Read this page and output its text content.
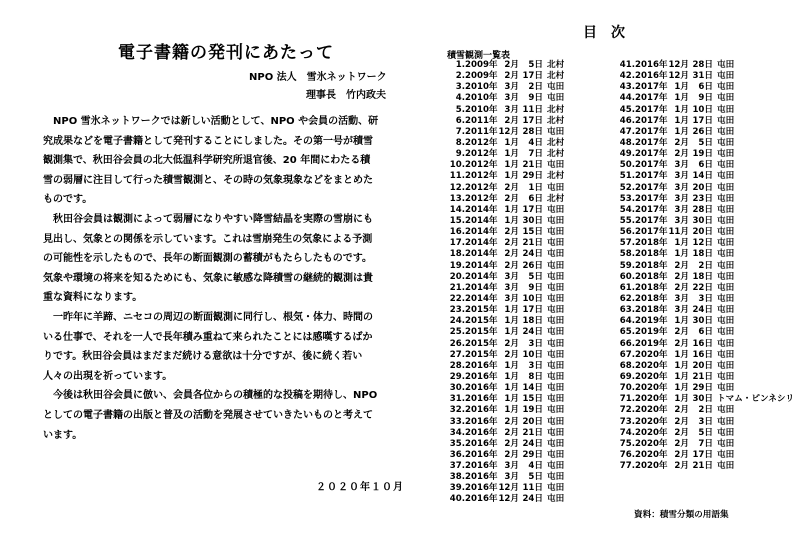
電子書籍の発刊にあたって
NPO 法人　雪氷ネットワーク
理事長　竹内政夫

　NPO 雪氷ネットワークでは新しい活動として、NPO や会員の活動、研究成果などを電子書籍として発刊することにしました。その第一号が積雪観測集で、秋田谷会員の北大低温科学研究所退官後、20 年間にわたる積雪の弱層に注目して行った積雪観測と、その時の気象現象などをまとめたものです。

　秋田谷会員は観測によって弱層になりやすい降雪結晶を実際の雪崩にも見出し、気象との関係を示しています。これは雪崩発生の気象による予測の可能性を示したもので、長年の断面観測の蓄積がもたらしたものです。気象や環境の将来を知るためにも、気象に敏感な降積雪の継続的観測は貴重な資料になります。

　一昨年に羊蹄、ニセコの周辺の断面観測に同行し、根気・体力、時間のいる仕事で、それを一人で長年積み重ねて来られたことには感嘆するばかりです。秋田谷会員はまだまだ続ける意欲は十分ですが、後に続く若い人々の出現を祈っています。

　今後は秋田谷会員に倣い、会員各位からの積極的な投稿を期待し、NPO としての電子書籍の出版と普及の活動を発展させていきたいものと考えています。

２０２０年１０月
目次
積雪観測一覧表
1. 2009年 2月	5日 北村
2. 2009年 2月 17日 北村
3. 2010年 3月	2日 屯田
4. 2010年 3月	9日 屯田
5. 2010年 3月 11日 北村
6. 2011年 2月 17日 北村
7. 2011年 12月 28日 屯田
8. 2012年 1月	4日 北村
9. 2012年 1月	7日 北村
10. 2012年 1月 21日 屯田
11. 2012年 1月 29日 北村
12. 2012年 2月	1日 屯田
13. 2012年 2月	6日 北村
14. 2014年 1月 17日 屯田
15. 2014年 1月 30日 屯田
16. 2014年 2月 15日 屯田
17. 2014年 2月 21日 屯田
18. 2014年 2月 24日 屯田
19. 2014年 2月 26日 屯田
20. 2014年 3月	5日 屯田
21. 2014年 3月	9日 屯田
22. 2014年 3月 10日 屯田
23. 2015年 1月 17日 屯田
24. 2015年 1月 18日 屯田
25. 2015年 1月 24日 屯田
26. 2015年 2月	3日 屯田
27. 2015年 2月 10日 屯田
28. 2016年 1月	3日 屯田
29. 2016年 1月	8日 屯田
30. 2016年 1月 14日 屯田
31. 2016年 1月 15日 屯田
32. 2016年 1月 19日 屯田
33. 2016年 2月 20日 屯田
34. 2016年 2月 21日 屯田
35. 2016年 2月 24日 屯田
36. 2016年 2月 29日 屯田
37. 2016年 3月	4日 屯田
38. 2016年 3月	5日 屯田
39. 2016年 12月 11日 屯田
40. 2016年 12月 24日 屯田
41. 2016年 12月 28日 屯田
42. 2016年 12月 31日 屯田
43. 2017年 1月	6日 屯田
44. 2017年 1月	9日 屯田
45. 2017年 1月 10日 屯田
46. 2017年 1月 17日 屯田
47. 2017年 1月 26日 屯田
48. 2017年 2月	5日 屯田
49. 2017年 2月 19日 屯田
50. 2017年 3月	6日 屯田
51. 2017年 3月 14日 屯田
52. 2017年 3月 20日 屯田
53. 2017年 3月 23日 屯田
54. 2017年 3月 28日 屯田
55. 2017年 3月 30日 屯田
56. 2017年 11月 20日 屯田
57. 2018年 1月 12日 屯田
58. 2018年 1月 18日 屯田
59. 2018年 2月	2日 屯田
60. 2018年 2月 18日 屯田
61. 2018年 2月 22日 屯田
62. 2018年 3月	3日 屯田
63. 2018年 3月 24日 屯田
64. 2019年 1月 30日 屯田
65. 2019年 2月	6日 屯田
66. 2019年 2月 16日 屯田
67. 2020年 1月 16日 屯田
68. 2020年 1月 20日 屯田
69. 2020年 1月 21日 屯田
70. 2020年 1月 29日 屯田
71. 2020年 1月 30日 トマム・ピンネシリ
72. 2020年 2月	2日 屯田
73. 2020年 2月	3日 屯田
74. 2020年 2月	5日 屯田
75. 2020年 2月	7日 屯田
76. 2020年 2月 17日 屯田
77. 2020年 2月 21日 屯田
資料：積雪分類の用語集
